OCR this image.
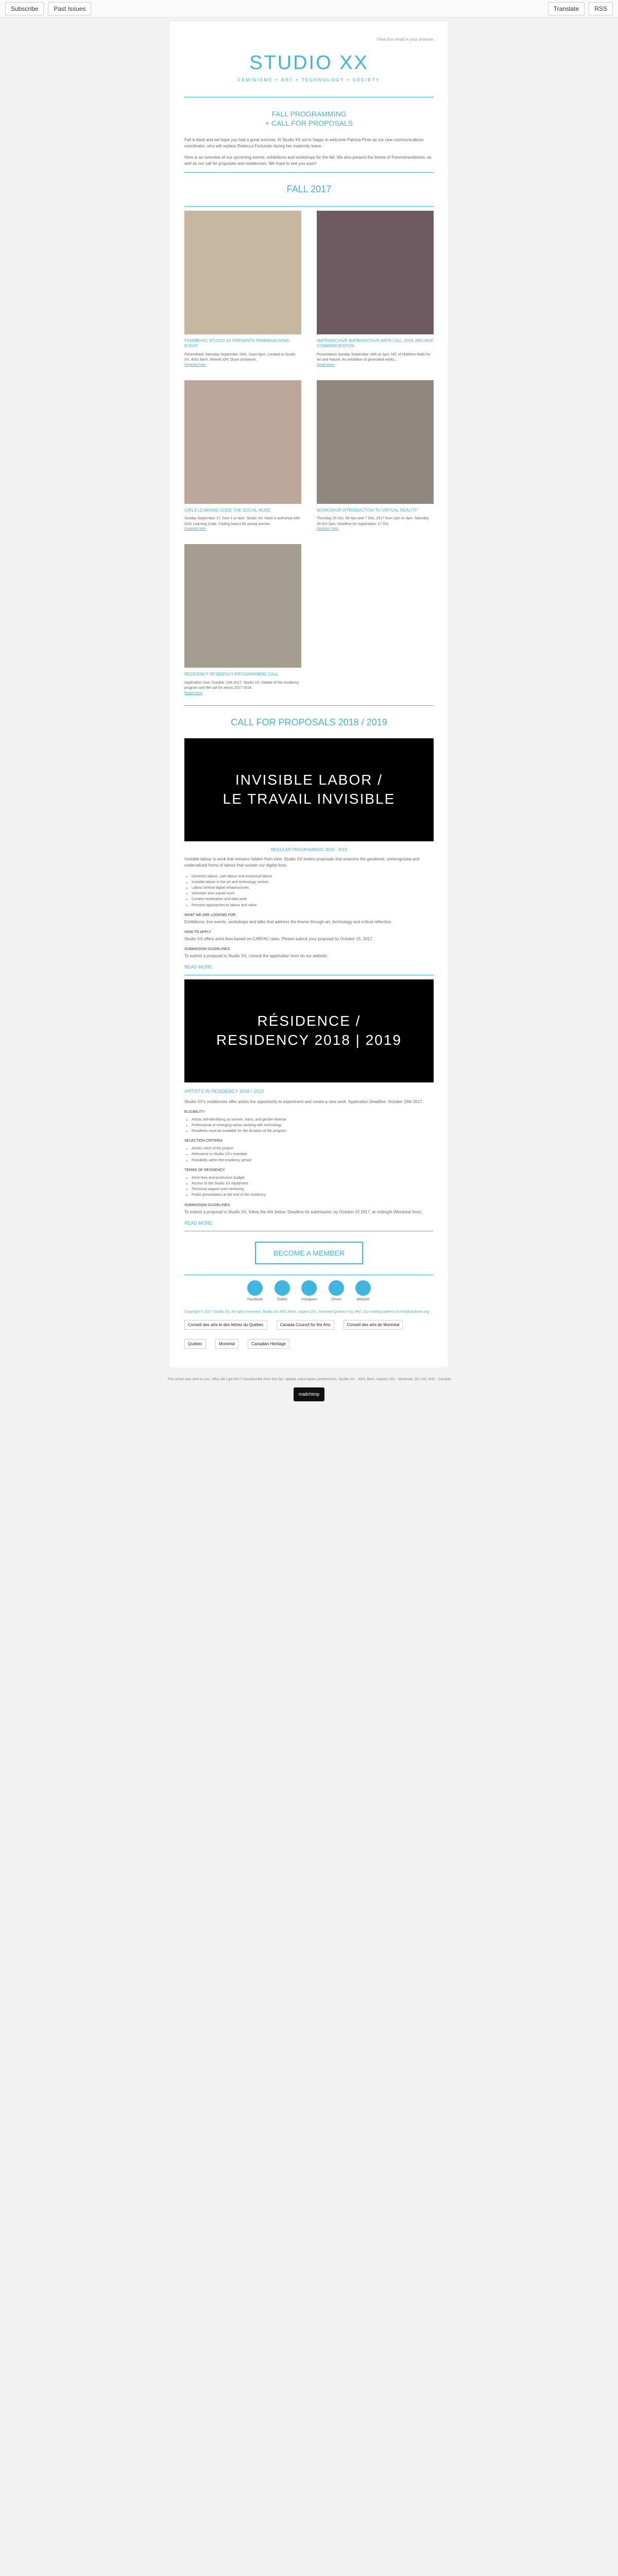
Subscribe	Past Issues	Translate	RSS
View this email in your browser
STUDIO XX
FEMINISME + ART + TECHNOLOGY + SOCIETY
FALL PROGRAMMING
+ CALL FOR PROPOSALS

Fall is back and we hope you had a great summer. At Studio XX we're happy to welcome Patricia Pinto as our new communications coordinator, who will replace Rebecca Fortunato during her maternity leave.

Here is an overview of our upcoming events, exhibitions and workshops for the fall. We also present the theme of Femmehacktivism, as well as our call for proposals and residencies. We hope to see you soon!

FALL 2017
FEMMEHAC STUDIO XX PRESENTS FEMMEHACKING EVENT
Femmehack Saturday September 16th, 11am-6pm. Located at Studio XX, 4001 Berri. Wheels ON: Drum ambiance.
Register here
MATRIARCHIVE MATRIARCHIVE ARTS CALL 2019: ARCHIVE COMMEMORATION
Presentation Sunday September 24th at 2pm. HfC of Matthew Mallo for Art and Nature. An exhibition of generated works...
Read more
GIRLS LEARNING CODE THE SOCIAL MUSE
Sunday September 17, from 1 to 4pm. Studio XX. Have a workshop with Girls Learning Code. Coding basics for young women.
Register here
WORKSHOP INTRODUCTION TO VIRTUAL REALITY
Thursday 26 Oct, 09 Nov and 7 Dec, 2017 from 1pm to 4pm. Saturday 28 Oct 2pm. Deadline for registration: 17 Oct.
Register here
RESIDENCY RESIDENCY PROGRAMMING CALL
Application Due: October 15th 2017. Studio XX. Details of the residency program and the call for artists 2017-2018.
Read more
CALL FOR PROPOSALS 2018 / 2019
INVISIBLE LABOR /
LE TRAVAIL INVISIBLE
REGULAR PROGRAMMING 2018 - 2019

Invisible labour is work that remains hidden from view. Studio XX invites proposals that examine the gendered, unrecognized and undervalued forms of labour that sustain our digital lives.

• Domestic labour, care labour and emotional labour
• Invisible labour in the art and technology sectors
• Labour behind digital infrastructures
• Volunteer and unpaid work
• Content moderation and data work
• Feminist approaches to labour and value
WHAT WE ARE LOOKING FOR

Exhibitions, live events, workshops and talks that address the theme through art, technology and critical reflection.

HOW TO APPLY

Studio XX offers artist fees based on CARFAC rates. Please submit your proposal by October 15, 2017.

SUBMISSION GUIDELINES

To submit a proposal to Studio XX, consult the application form on our website.

READ MORE
RÉSIDENCE /
RESIDENCY 2018 | 2019
ARTISTS IN RESIDENCY 2018 / 2019

Studio XX's residencies offer artists the opportunity to experiment and create a new work. Application Deadline: October 15th 2017.

ELIGIBILITY
• Artists self-identifying as women, trans, and gender-diverse
• Professional or emerging artists working with technology
• Residents must be available for the duration of the program
SELECTION CRITERIA
• Artistic merit of the project
• Relevance to Studio XX's mandate
• Feasibility within the residency period
TERMS OF RESIDENCY
• Artist fees and production budget
• Access to the Studio XX equipment
• Technical support and mentoring
• Public presentation at the end of the residency
SUBMISSION GUIDELINES

To submit a proposal to Studio XX, follow the link below. Deadline for submission: by October 15 2017, at midnight (Montreal time).

READ MORE
BECOME A MEMBER
Facebook	Twitter	Instagram	Vimeo	Website

Copyright © 2017 Studio XX, All rights reserved. Studio XX 4001 Berri, espace 201, Montreal Quebec H2L 4H2. Our mailing address is info@studioxx.org

Conseil des arts et des lettres du Québec	Canada Council for the Arts	Conseil des arts de Montréal
Québec	Montréal	Canadian Heritage
This email was sent to you. Why did I get this? Unsubscribe from this list. Update subscription preferences. Studio XX · 4001 Berri, espace 201 · Montreal, QC H2L 4H2 · Canada
mailchimp
